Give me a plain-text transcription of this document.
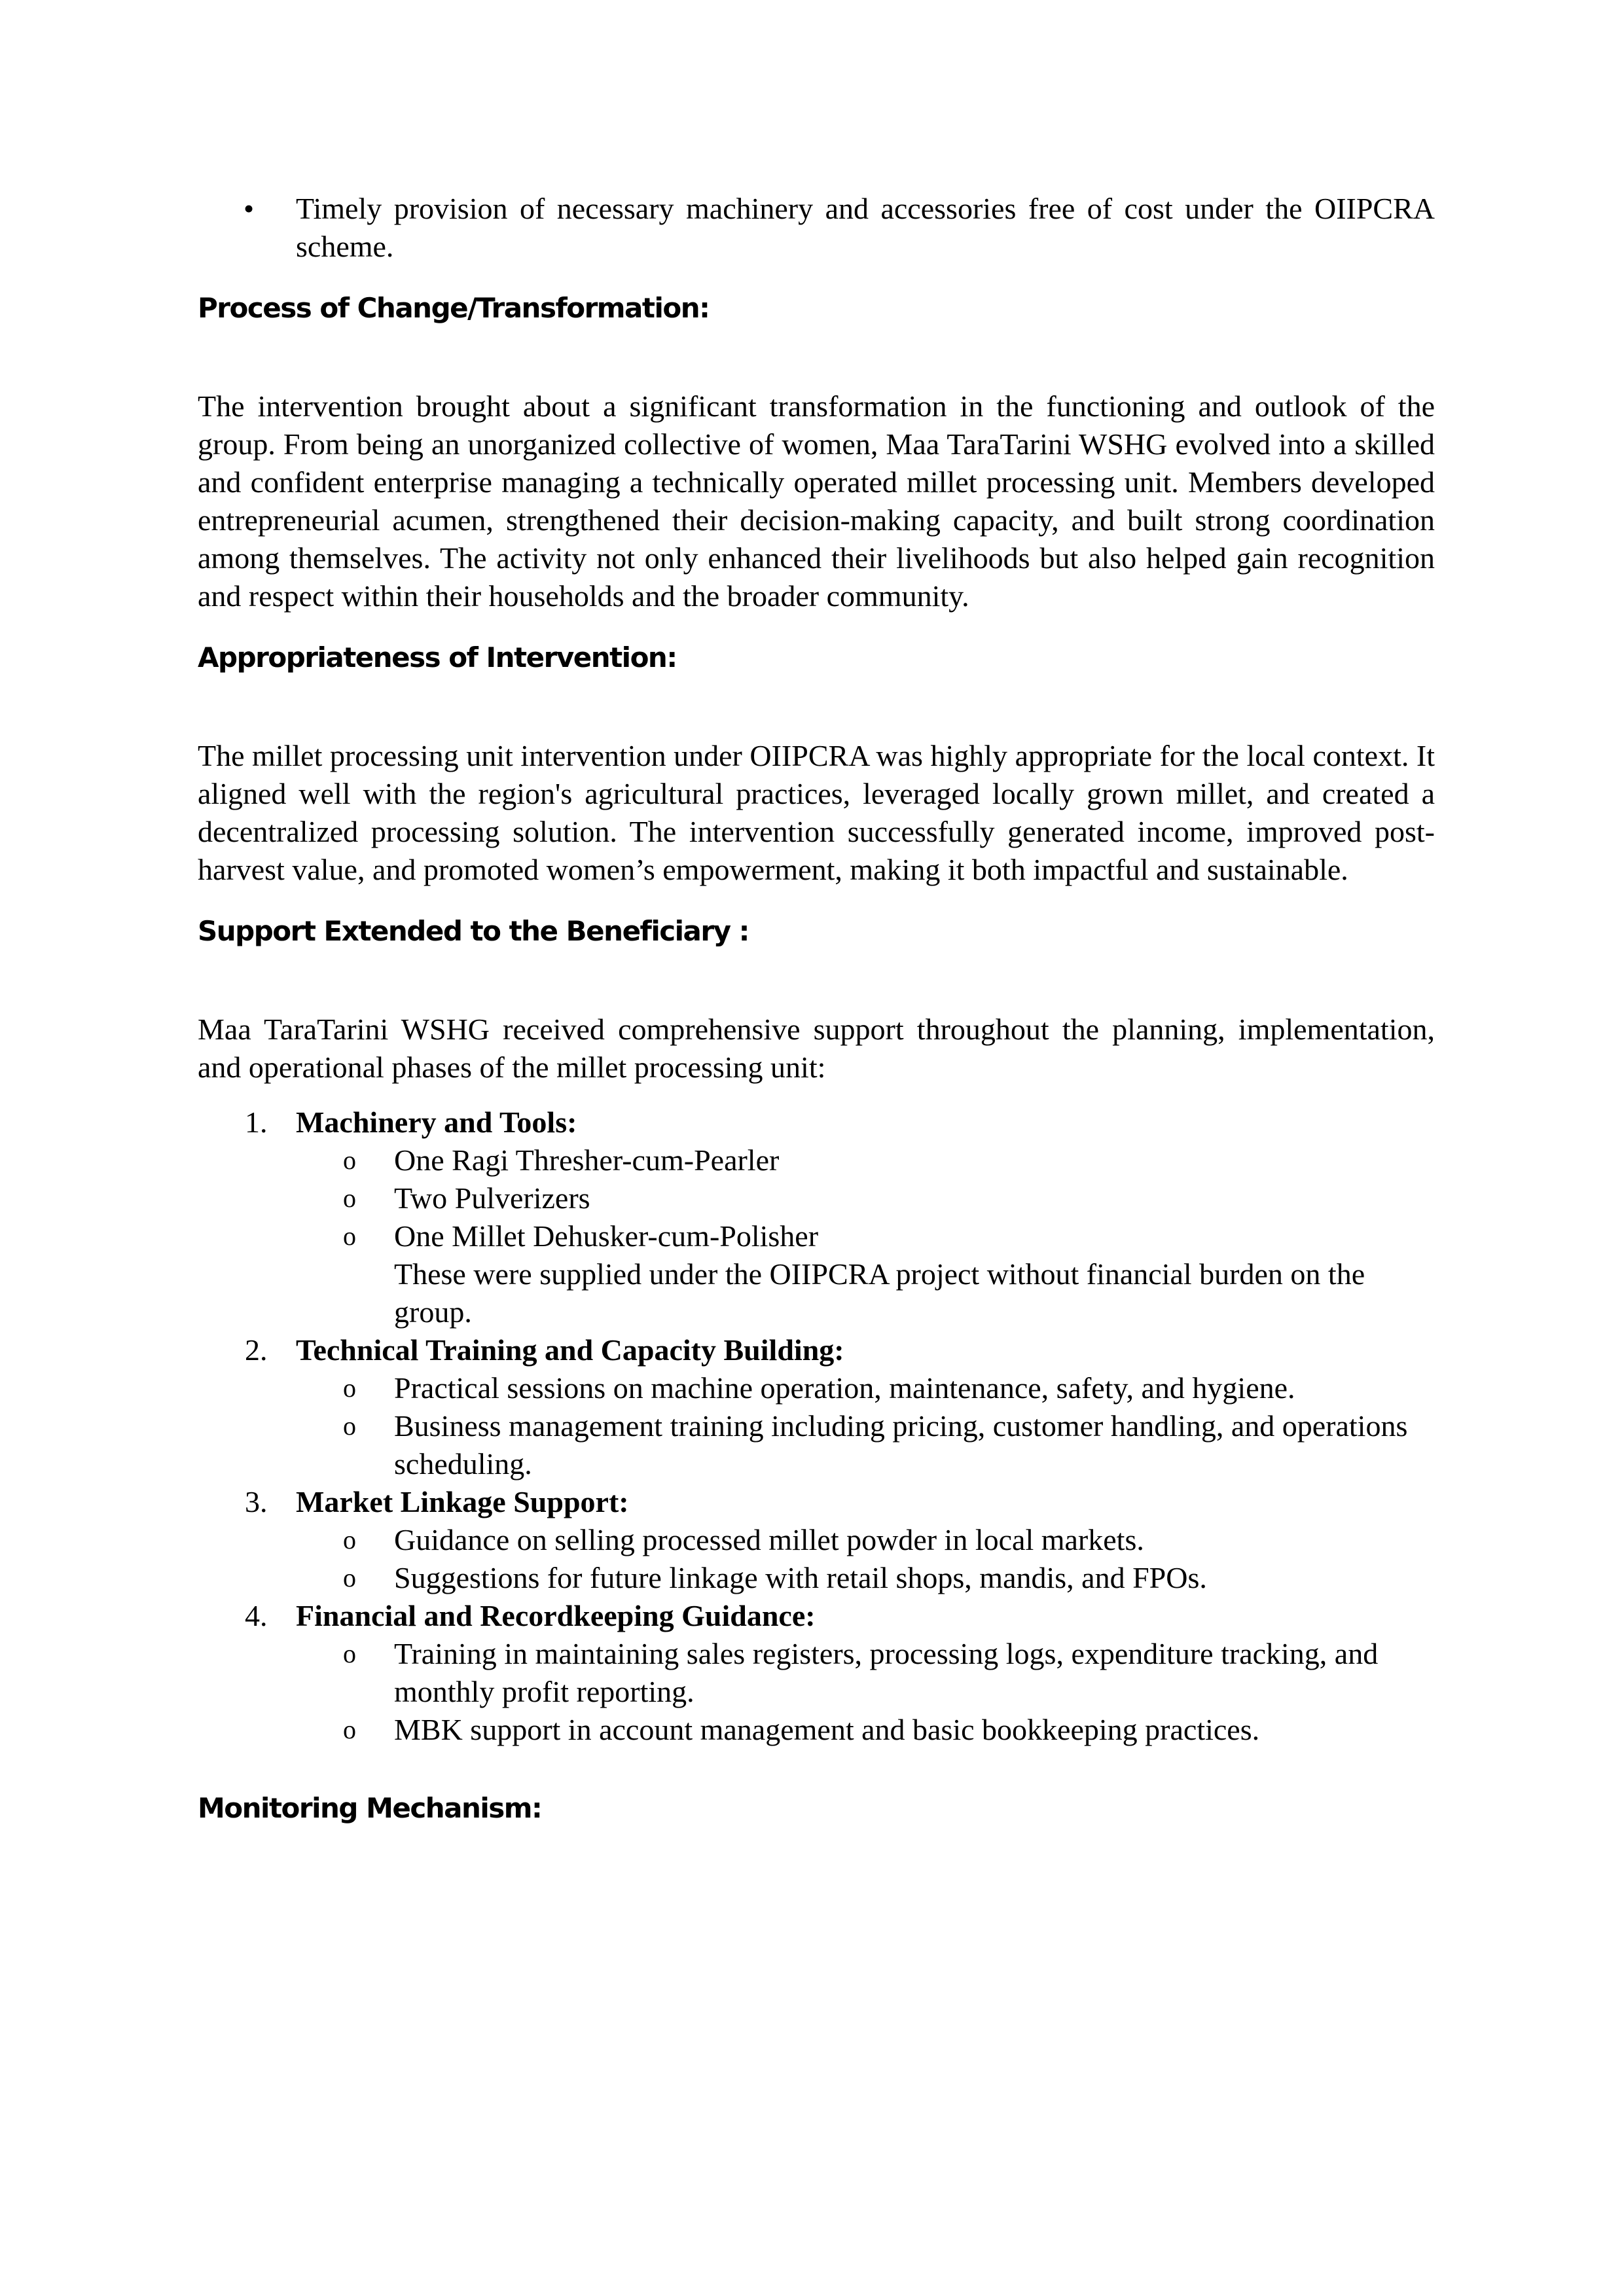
•	Timely provision of necessary machinery and accessories free of cost under the OIIPCRA scheme.

Process of Change/Transformation:

The intervention brought about a significant transformation in the functioning and outlook of the group. From being an unorganized collective of women, Maa TaraTarini WSHG evolved into a skilled and confident enterprise managing a technically operated millet processing unit. Members developed entrepreneurial acumen, strengthened their decision-making capacity, and built strong coordination among themselves. The activity not only enhanced their livelihoods but also helped gain recognition and respect within their households and the broader community.

Appropriateness of Intervention:

The millet processing unit intervention under OIIPCRA was highly appropriate for the local context. It aligned well with the region's agricultural practices, leveraged locally grown millet, and created a decentralized processing solution. The intervention successfully generated income, improved post-harvest value, and promoted women’s empowerment, making it both impactful and sustainable.

Support Extended to the Beneficiary :

Maa TaraTarini WSHG received comprehensive support throughout the planning, implementation, and operational phases of the millet processing unit:

1. Machinery and Tools:
o	One Ragi Thresher-cum-Pearler
o	Two Pulverizers
o	One Millet Dehusker-cum-Polisher
These were supplied under the OIIPCRA project without financial burden on the group.
2. Technical Training and Capacity Building:
o	Practical sessions on machine operation, maintenance, safety, and hygiene.
o	Business management training including pricing, customer handling, and operations scheduling.
3. Market Linkage Support:
o	Guidance on selling processed millet powder in local markets.
o	Suggestions for future linkage with retail shops, mandis, and FPOs.
4. Financial and Recordkeeping Guidance:
o	Training in maintaining sales registers, processing logs, expenditure tracking, and monthly profit reporting.
o	MBK support in account management and basic bookkeeping practices.
Monitoring Mechanism:
